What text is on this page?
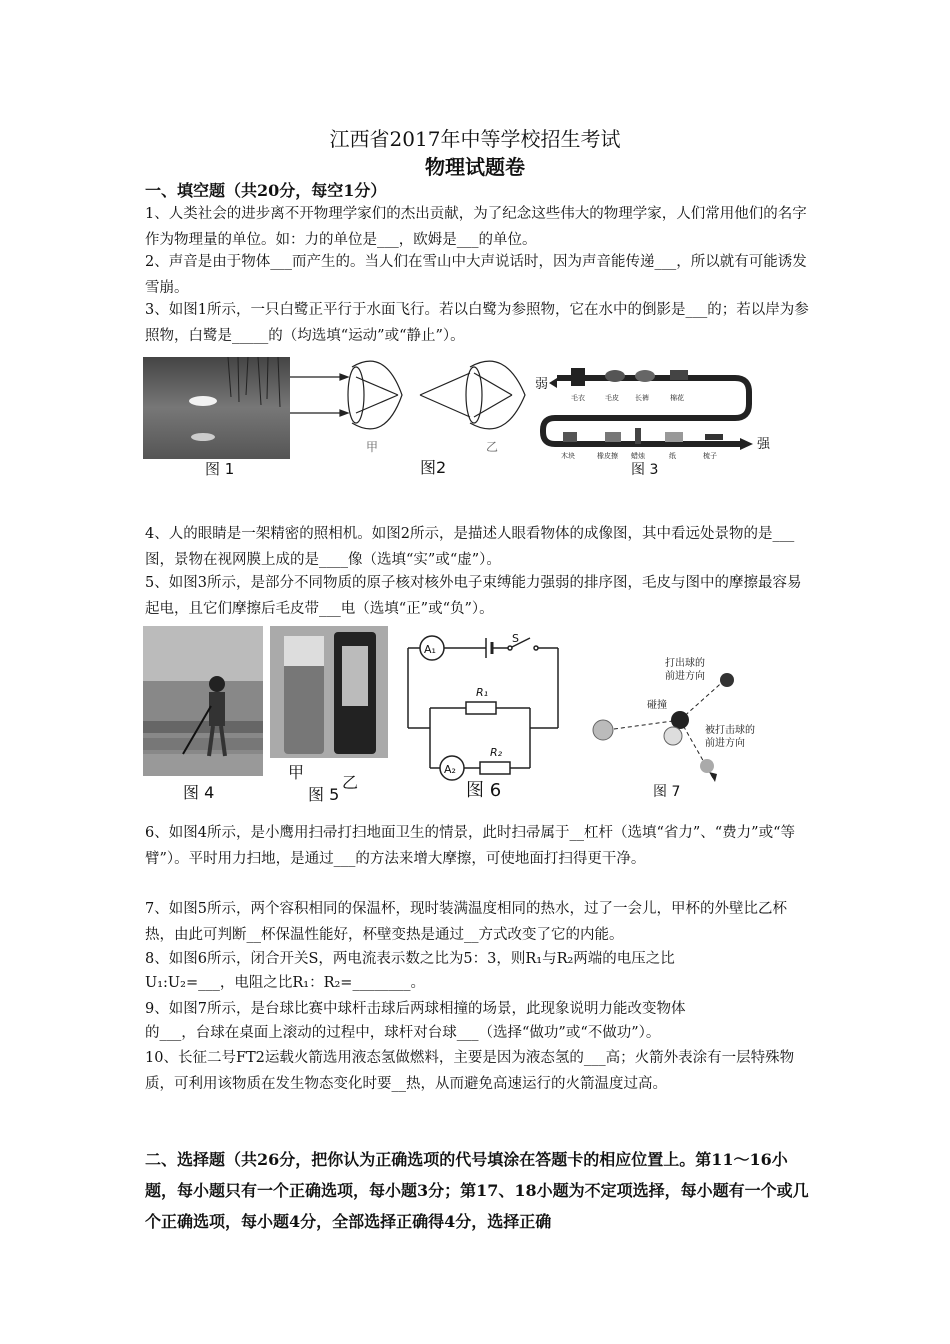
江西省2017年中等学校招生考试
物理试题卷
一、填空题（共20分，每空1分）
1、人类社会的进步离不开物理学家们的杰出贡献，为了纪念这些伟大的物理学家，人们常用他们的名字作为物理量的单位。如：力的单位是___，欧姆是___的单位。
2、声音是由于物体___而产生的。当人们在雪山中大声说话时，因为声音能传递___，所以就有可能诱发雪崩。
3、如图1所示，一只白鹭正平行于水面飞行。若以白鹭为参照物，它在水中的倒影是___的；若以岸为参照物，白鹭是_____的（均选填“运动”或“静止”）。
图 1
甲	乙
图2
弱
强
毛衣	毛皮 长裤	棉花
木块	橡皮擦 蜡烛	纸	梳子
图 3
4、人的眼睛是一架精密的照相机。如图2所示，是描述人眼看物体的成像图，其中看远处景物的是___图，景物在视网膜上成的是____像（选填“实”或“虚”）。
5、如图3所示，是部分不同物质的原子核对核外电子束缚能力强弱的排序图，毛皮与图中的摩擦最容易起电，且它们摩擦后毛皮带___电（选填“正”或“负”）。
图 4
甲
乙
图 5
A₁
A₂
R₁
R₂
S
图 6
打出球的
前进方向
碰撞
被打击球的
前进方向
图 7
6、如图4所示，是小鹰用扫帚打扫地面卫生的情景，此时扫帚属于__杠杆（选填“省力”、“费力”或“等臂”）。平时用力扫地，是通过___的方法来增大摩擦，可使地面打扫得更干净。
7、如图5所示，两个容积相同的保温杯，现时装满温度相同的热水，过了一会儿，甲杯的外壁比乙杯热，由此可判断__杯保温性能好，杯壁变热是通过__方式改变了它的内能。
8、如图6所示，闭合开关S，两电流表示数之比为5：3，则R₁与R₂两端的电压之比
U₁:U₂=___，电阻之比R₁：R₂=________。
9、如图7所示，是台球比赛中球杆击球后两球相撞的场景，此现象说明力能改变物体
的___，台球在桌面上滚动的过程中，球杆对台球___（选择“做功”或“不做功”）。
10、长征二号FT2运载火箭选用液态氢做燃料，主要是因为液态氢的___高；火箭外表涂有一层特殊物质，可利用该物质在发生物态变化时要__热，从而避免高速运行的火箭温度过高。
二、选择题（共26分，把你认为正确选项的代号填涂在答题卡的相应位置上。第11～16小题，每小题只有一个正确选项，每小题3分；第17、18小题为不定项选择，每小题有一个或几个正确选项，每小题4分，全部选择正确得4分，选择正确
